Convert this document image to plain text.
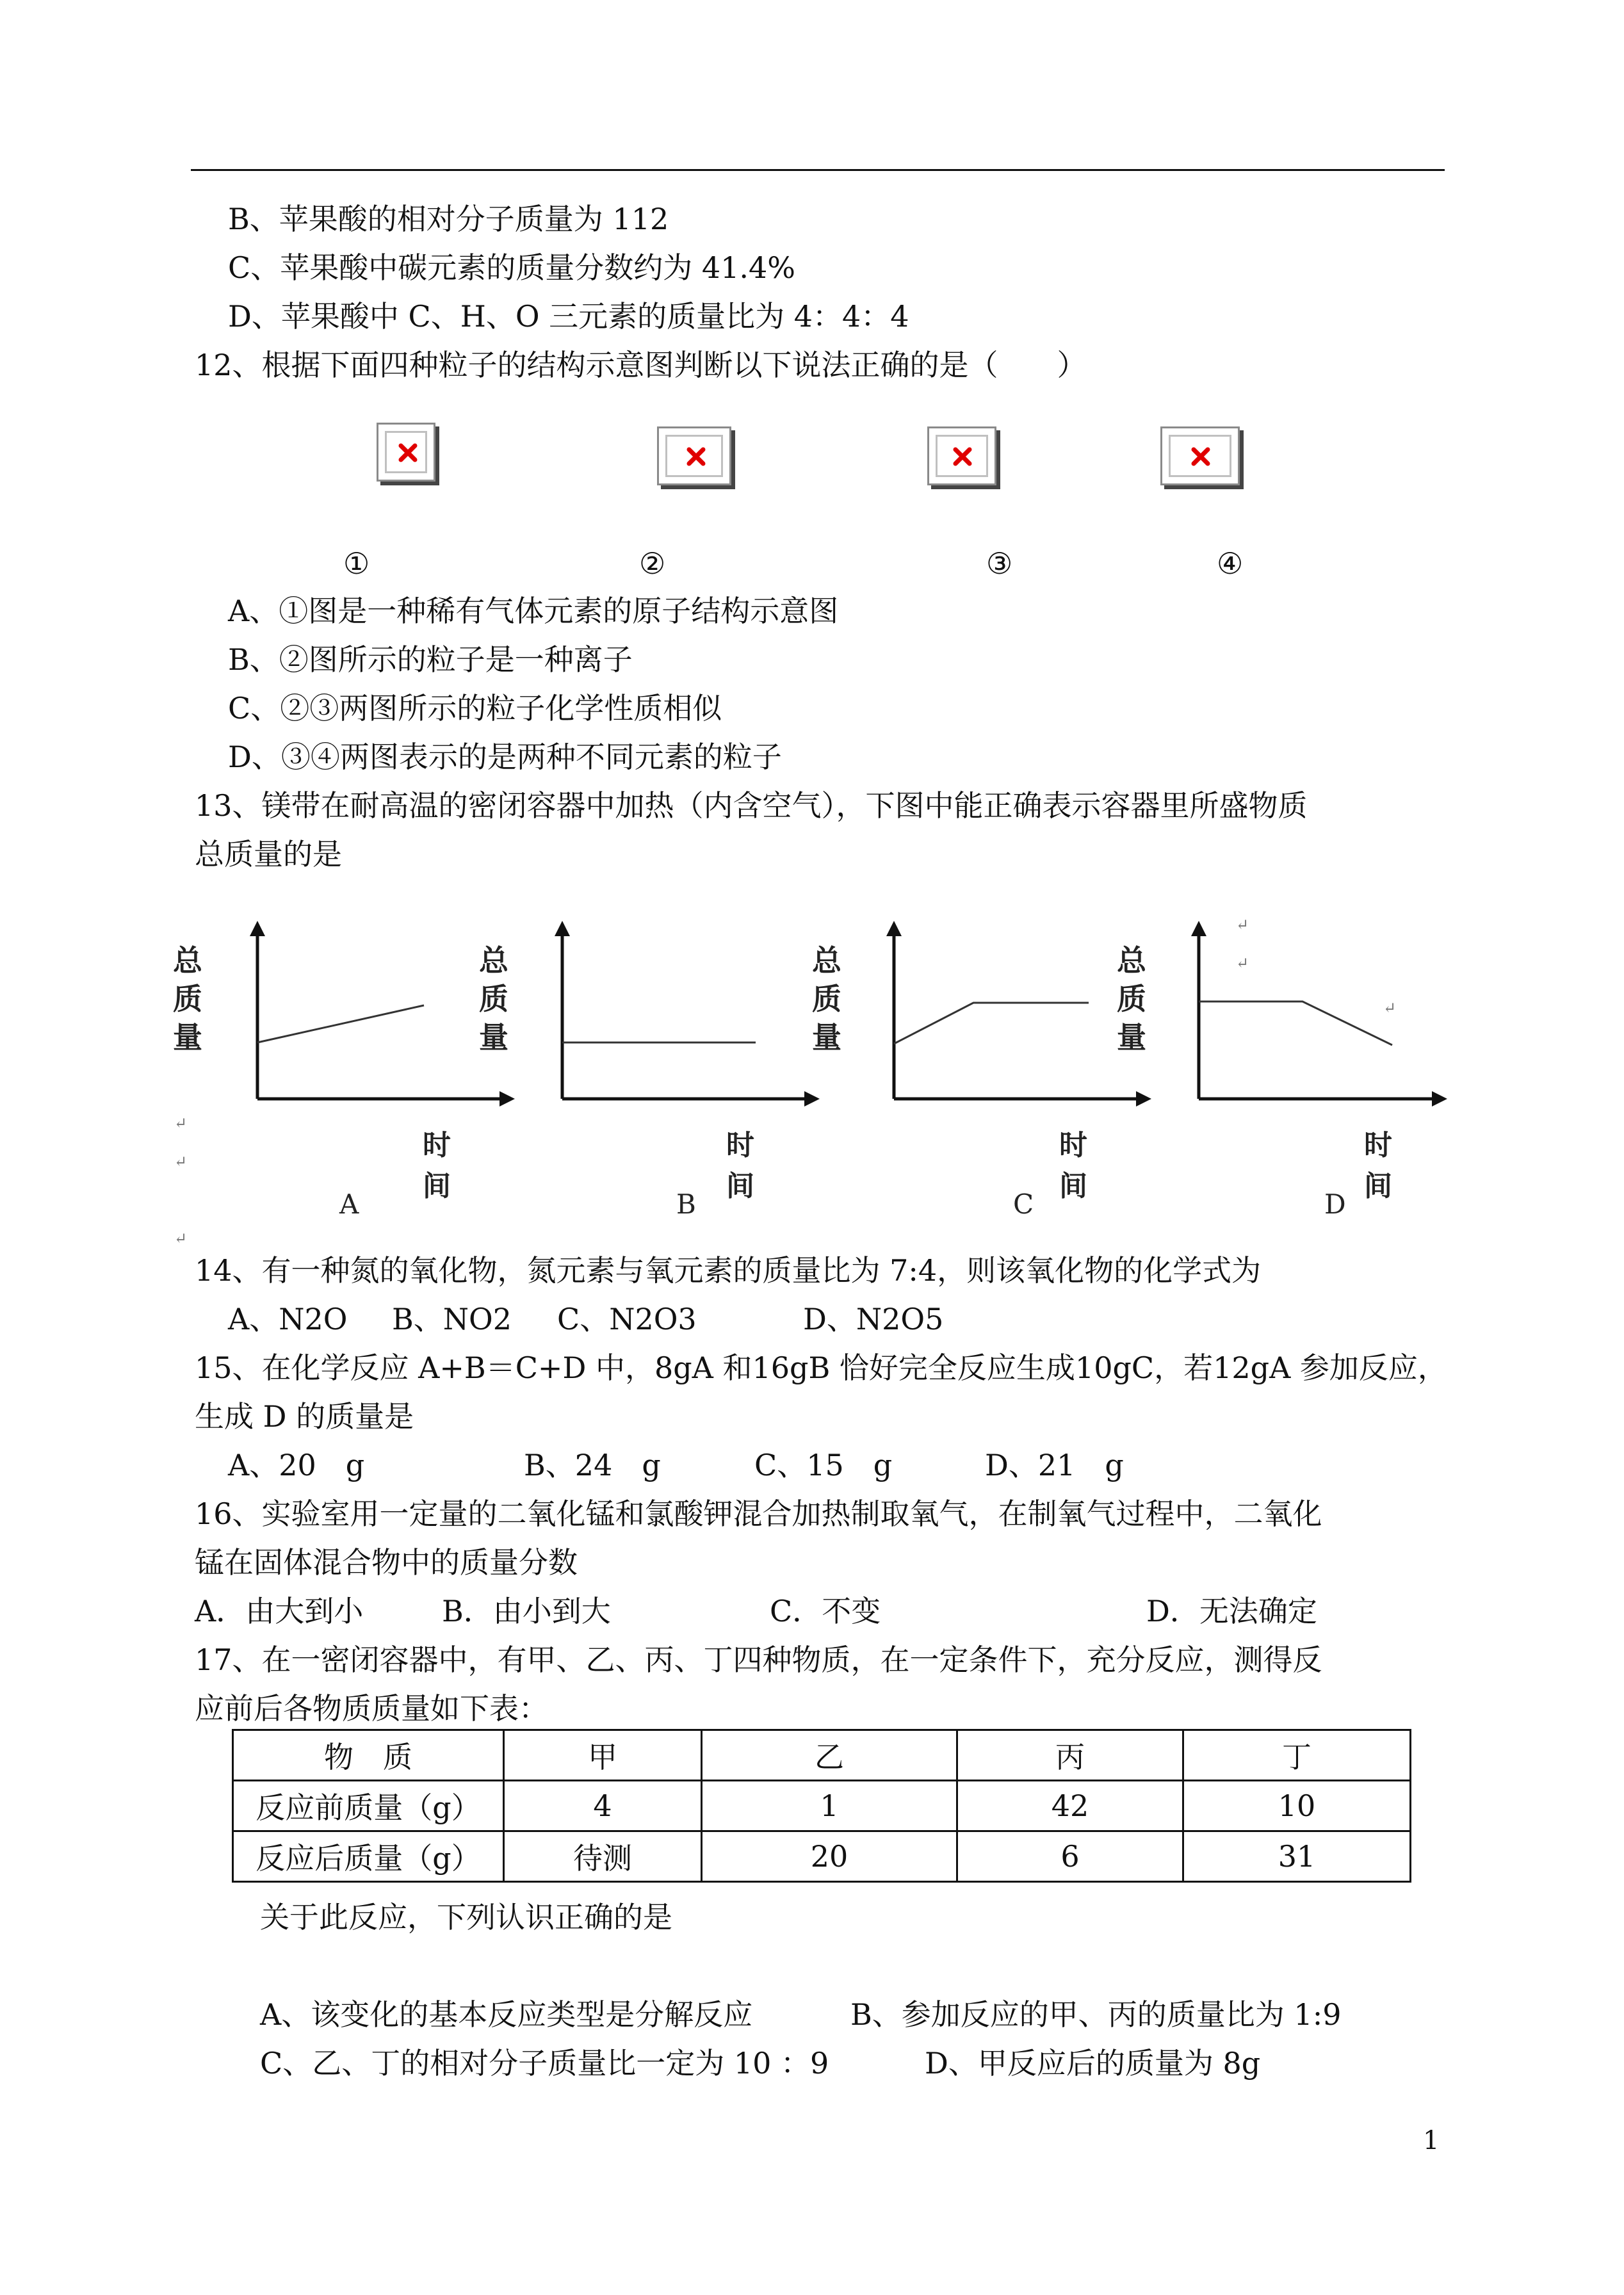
B、苹果酸的相对分子质量为 112
C、苹果酸中碳元素的质量分数约为 41.4%
D、苹果酸中 C、H、O 三元素的质量比为 4：4：4
12、根据下面四种粒子的结构示意图判断以下说法正确的是（　　）
①	②	③	④
A、①图是一种稀有气体元素的原子结构示意图
B、②图所示的粒子是一种离子
C、②③两图所示的粒子化学性质相似
D、③④两图表示的是两种不同元素的粒子
13、镁带在耐高温的密闭容器中加热（内含空气），下图中能正确表示容器里所盛物质
总质量的是
总
质
量
时间
A
总
质
量
时间
B
总
质
量
时间
C
总
质
量
时间
D
↵
↵
↵
↵
↵
↵
14、有一种氮的氧化物，氮元素与氧元素的质量比为 7:4，则该氧化物的化学式为
A、N2O B、NO2 C、N2O3	D、N2O5
15、在化学反应 A+B＝C+D 中，8gA 和16gB 恰好完全反应生成10gC，若12gA 参加反应，
生成 D 的质量是
A、20　g	B、24　g	C、15　g	D、21　g
16、实验室用一定量的二氧化锰和氯酸钾混合加热制取氧气，在制氧气过程中，二氧化
锰在固体混合物中的质量分数
A．由大到小	B．由小到大	C．不变	D．无法确定
17、在一密闭容器中，有甲、乙、丙、丁四种物质，在一定条件下，充分反应，测得反
应前后各物质质量如下表：
物　质	甲	乙	丙	丁
反应前质量（g）	4	1	42	10
反应后质量（g）	待测	20	6	31
关于此反应，下列认识正确的是
A、该变化的基本反应类型是分解反应	B、参加反应的甲、丙的质量比为 1:9
C、乙、丁的相对分子质量比一定为 10 ：9	D、甲反应后的质量为 8g
1
